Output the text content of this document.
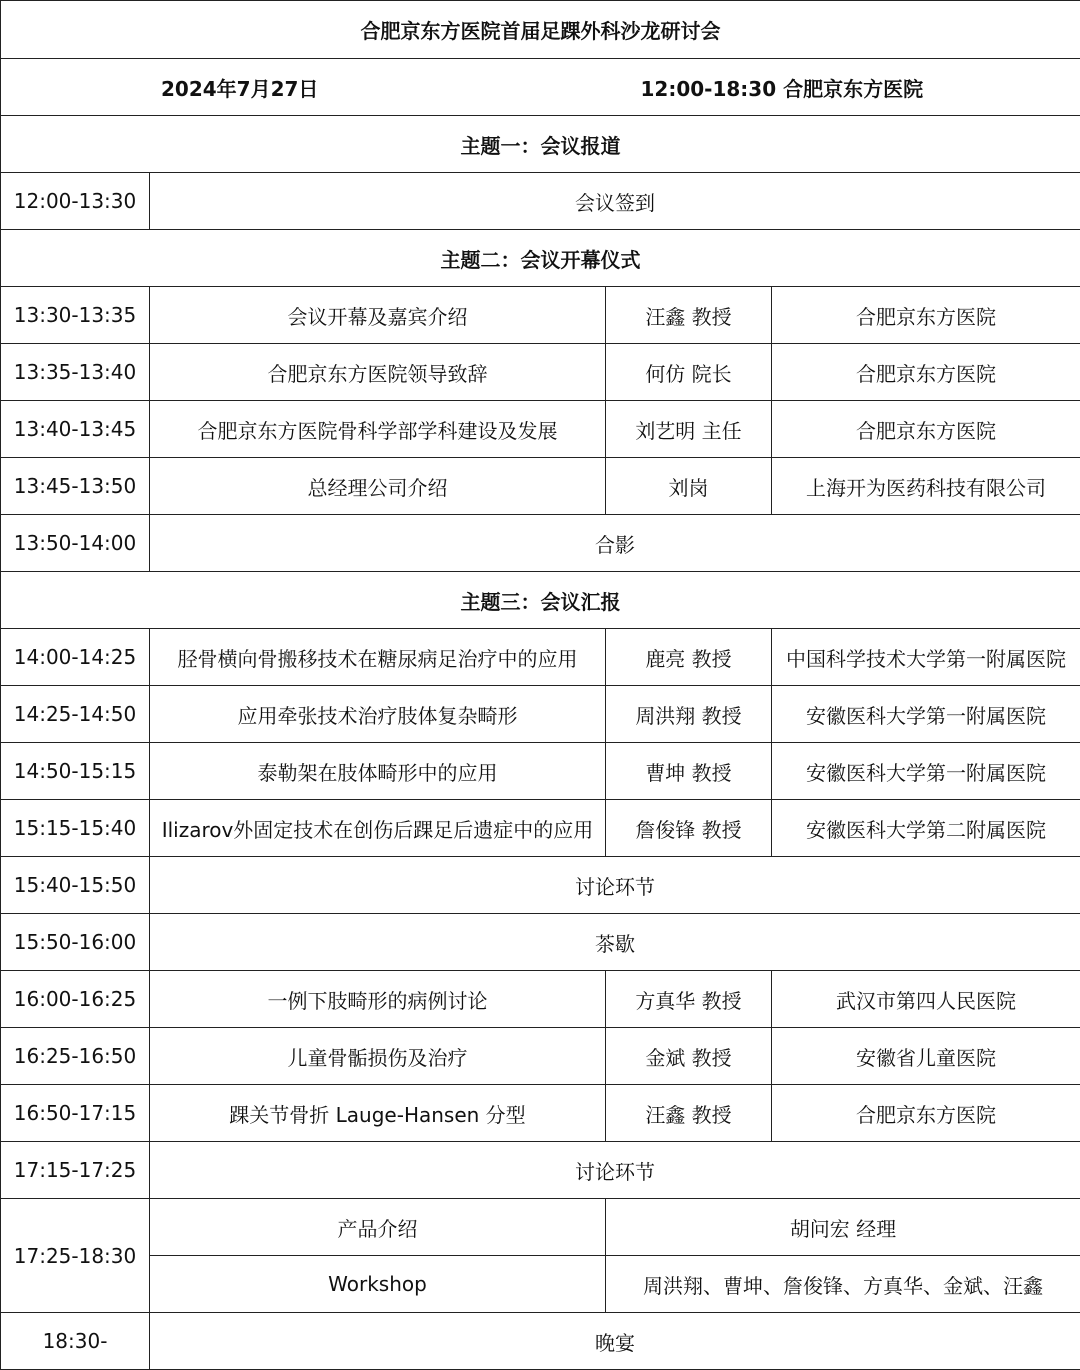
合肥京东方医院首届足踝外科沙龙研讨会			
2024年7月27日		12:00-18:30 合肥京东方医院	
主题一：会议报道			
12:00-13:30	会议签到		
主题二：会议开幕仪式			
13:30-13:35	会议开幕及嘉宾介绍	汪鑫 教授	合肥京东方医院
13:35-13:40	合肥京东方医院领导致辞	何仿 院长	合肥京东方医院
13:40-13:45	合肥京东方医院骨科学部学科建设及发展	刘艺明 主任	合肥京东方医院
13:45-13:50	总经理公司介绍	刘岗	上海开为医药科技有限公司
13:50-14:00	合影		
主题三：会议汇报			
14:00-14:25	胫骨横向骨搬移技术在糖尿病足治疗中的应用	鹿亮 教授	中国科学技术大学第一附属医院
14:25-14:50	应用牵张技术治疗肢体复杂畸形	周洪翔 教授	安徽医科大学第一附属医院
14:50-15:15	泰勒架在肢体畸形中的应用	曹坤 教授	安徽医科大学第一附属医院
15:15-15:40	Ilizarov外固定技术在创伤后踝足后遗症中的应用	詹俊锋 教授	安徽医科大学第二附属医院
15:40-15:50	讨论环节		
15:50-16:00	茶歇		
16:00-16:25	一例下肢畸形的病例讨论	方真华 教授	武汉市第四人民医院
16:25-16:50	儿童骨骺损伤及治疗	金斌 教授	安徽省儿童医院
16:50-17:15	踝关节骨折 Lauge-Hansen 分型	汪鑫 教授	合肥京东方医院
17:15-17:25	讨论环节		
17:25-18:30	产品介绍	胡问宏 经理	
	Workshop	周洪翔、曹坤、詹俊锋、方真华、金斌、汪鑫	
18:30-	晚宴		
